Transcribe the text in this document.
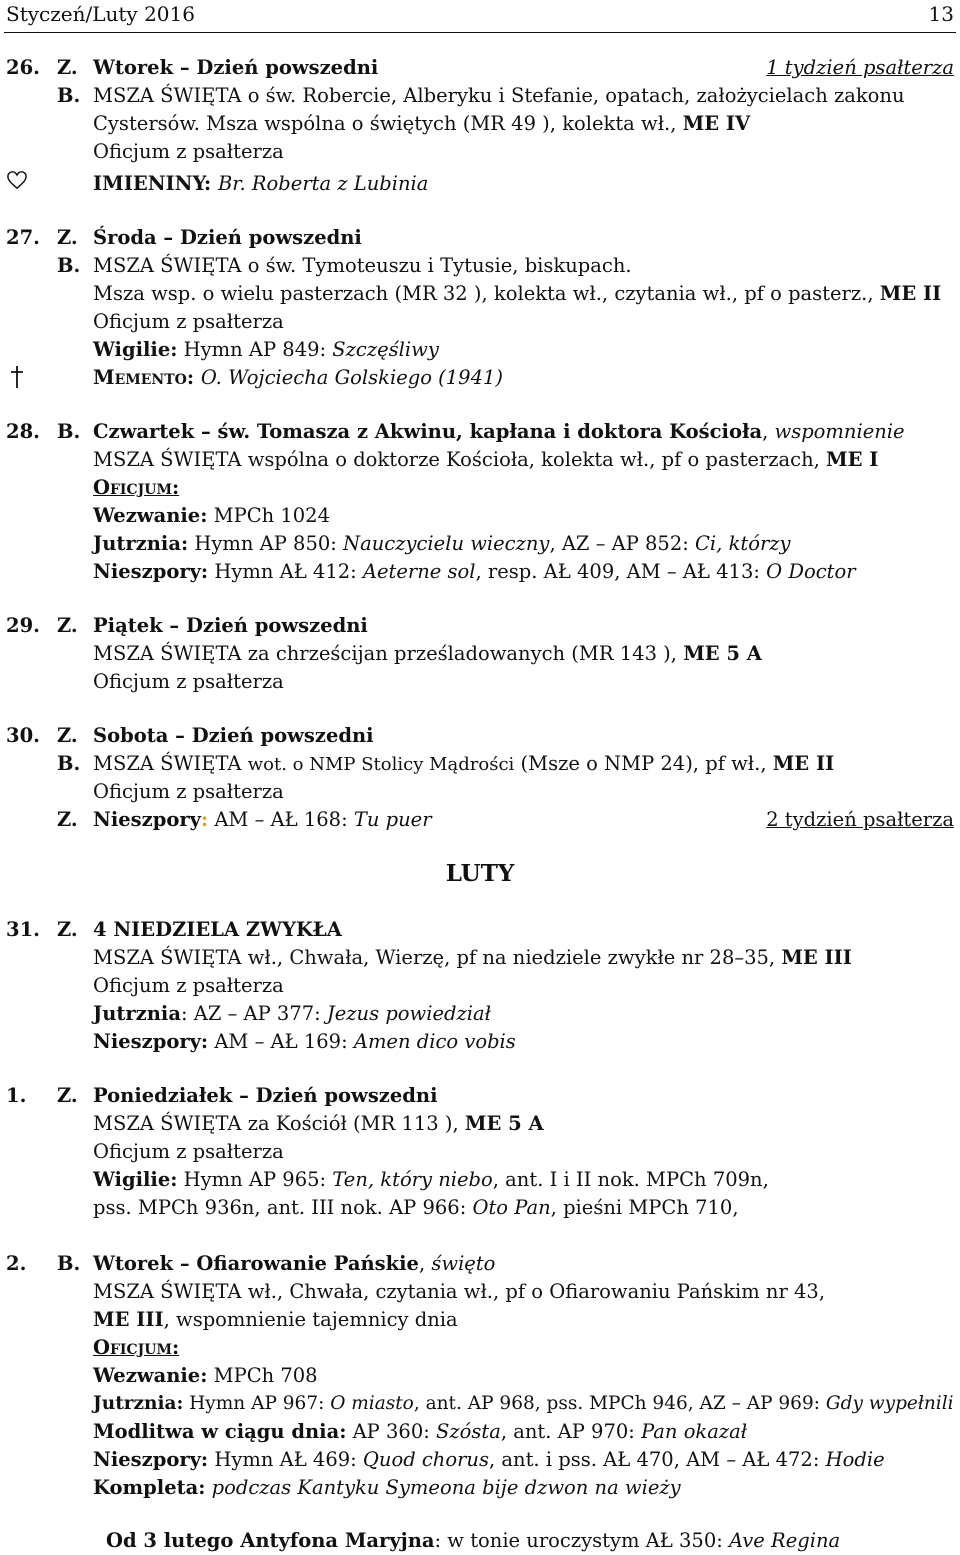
Styczeń/Luty 2016	13
26. Z. Wtorek – Dzień powszedni	1 tydzień psałterza
B. MSZA ŚWIĘTA o św. Robercie, Alberyku i Stefanie, opatach, założycielach zakonu
Cystersów. Msza wspólna o świętych (MR 49 ), kolekta wł., ME IV
Oficjum z psałterza
IMIENINY: Br. Roberta z Lubinia
27. Z. Środa – Dzień powszedni
B. MSZA ŚWIĘTA o św. Tymoteuszu i Tytusie, biskupach.
Msza wsp. o wielu pasterzach (MR 32 ), kolekta wł., czytania wł., pf o pasterz., ME II
Oficjum z psałterza
Wigilie: Hymn AP 849: Szczęśliwy
Memento: O. Wojciecha Golskiego (1941)
28. B. Czwartek – św. Tomasza z Akwinu, kapłana i doktora Kościoła, wspomnienie
MSZA ŚWIĘTA wspólna o doktorze Kościoła, kolekta wł., pf o pasterzach, ME I
Oficjum:
Wezwanie: MPCh 1024
Jutrznia: Hymn AP 850: Nauczycielu wieczny, AZ – AP 852: Ci, którzy
Nieszpory: Hymn AŁ 412: Aeterne sol, resp. AŁ 409, AM – AŁ 413: O Doctor
29. Z. Piątek – Dzień powszedni
MSZA ŚWIĘTA za chrześcijan prześladowanych (MR 143 ), ME 5 A
Oficjum z psałterza
30. Z. Sobota – Dzień powszedni
B. MSZA ŚWIĘTA wot. o NMP Stolicy Mądrości (Msze o NMP 24), pf wł., ME II
Oficjum z psałterza
Z. Nieszpory: AM – AŁ 168: Tu puer	2 tydzień psałterza
LUTY
31. Z. 4 NIEDZIELA ZWYKŁA
MSZA ŚWIĘTA wł., Chwała, Wierzę, pf na niedziele zwykłe nr 28–35, ME III
Oficjum z psałterza
Jutrznia: AZ – AP 377: Jezus powiedział
Nieszpory: AM – AŁ 169: Amen dico vobis
1. Z. Poniedziałek – Dzień powszedni
MSZA ŚWIĘTA za Kościół (MR 113 ), ME 5 A
Oficjum z psałterza
Wigilie: Hymn AP 965: Ten, który niebo, ant. I i II nok. MPCh 709n,
pss. MPCh 936n, ant. III nok. AP 966: Oto Pan, pieśni MPCh 710,
2. B. Wtorek – Ofiarowanie Pańskie, święto
MSZA ŚWIĘTA wł., Chwała, czytania wł., pf o Ofiarowaniu Pańskim nr 43,
ME III, wspomnienie tajemnicy dnia
Oficjum:
Wezwanie: MPCh 708
Jutrznia: Hymn AP 967: O miasto, ant. AP 968, pss. MPCh 946, AZ – AP 969: Gdy wypełnili
Modlitwa w ciągu dnia: AP 360: Szósta, ant. AP 970: Pan okazał
Nieszpory: Hymn AŁ 469: Quod chorus, ant. i pss. AŁ 470, AM – AŁ 472: Hodie
Kompleta: podczas Kantyku Symeona bije dzwon na wieży
Od 3 lutego Antyfona Maryjna: w tonie uroczystym AŁ 350: Ave Regina
